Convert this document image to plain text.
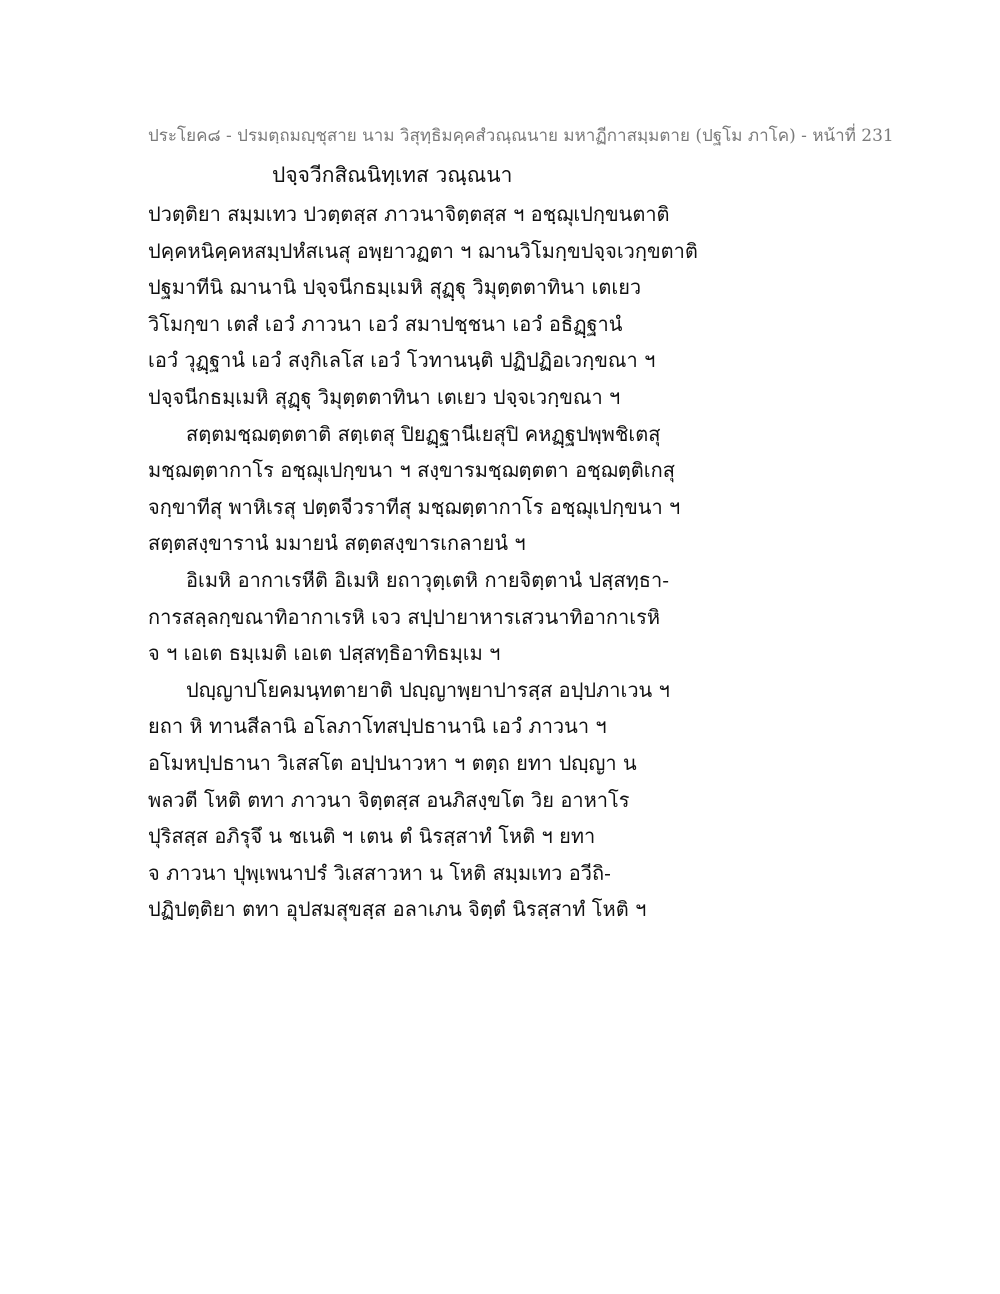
ประโยค๘ - ปรมตฺถมญฺชุสาย นาม วิสุทฺธิมคฺคสํวณฺณนาย มหาฏีกาสมฺมตาย (ปฐโม ภาโค) - หน้าที่ 231
ปจฺจวีกสิณนิทฺเทส วณฺณนา
ปวตฺติยา สมฺมเทว ปวตฺตสฺส ภาวนาจิตฺตสฺส ฯ อชฺฌุเปกฺขนตาติ
ปคฺคหนิคฺคหสมฺปหํสเนสุ อพฺยาวฏตา ฯ ฌานวิโมกฺขปจฺจเวกฺขตาติ
ปฐมาทีนิ ฌานานิ ปจฺจนีกธมฺเมหิ สุฏฺฐุ วิมุตฺตตาทินา เตเยว
วิโมกฺขา เตสํ เอวํ ภาวนา เอวํ สมาปชฺชนา เอวํ อธิฏฺฐานํ
เอวํ วุฏฺฐานํ เอวํ สงฺกิเลโส เอวํ โวทานนฺติ ปฏิปฏิอเวกฺขณา ฯ
ปจฺจนีกธมฺเมหิ สุฏฺฐุ วิมุตฺตตาทินา เตเยว ปจฺจเวกฺขณา ฯ
สตฺตมชฺฌตฺตตาติ สตฺเตสุ ปิยฏฺฐานีเยสุปิ คหฏฺฐปพฺพชิเตสุ
มชฺฌตฺตากาโร อชฺฌุเปกฺขนา ฯ สงฺขารมชฺฌตฺตตา อชฺฌตฺติเกสุ
จกฺขาทีสุ พาหิเรสุ ปตฺตจีวราทีสุ มชฺฌตฺตากาโร อชฺฌุเปกฺขนา ฯ
สตฺตสงฺขารานํ มมายนํ สตฺตสงฺขารเกลายนํ ฯ
อิเมหิ อากาเรหีติ อิเมหิ ยถาวุตฺเตหิ กายจิตฺตานํ ปสฺสทฺธา-
การสลฺลกฺขณาทิอากาเรหิ เจว สปฺปายาหารเสวนาทิอากาเรหิ
จ ฯ เอเต ธมฺเมติ เอเต ปสฺสทฺธิอาทิธมฺเม ฯ
ปญฺญาปโยคมนฺทตายาติ ปญฺญาพฺยาปารสฺส อปฺปภาเวน ฯ
ยถา หิ ทานสีลานิ อโลภาโทสปฺปธานานิ เอวํ ภาวนา ฯ
อโมหปฺปธานา วิเสสโต อปฺปนาวหา ฯ ตตฺถ ยทา ปญฺญา น
พลวตี โหติ ตทา ภาวนา จิตฺตสฺส อนภิสงฺขโต วิย อาหาโร
ปุริสสฺส อภิรุจึ น ชเนติ ฯ เตน ตํ นิรสฺสาทํ โหติ ฯ ยทา
จ ภาวนา ปุพฺเพนาปรํ วิเสสาวหา น โหติ สมฺมเทว อวีถิ-
ปฏิปตฺติยา ตทา อุปสมสุขสฺส อลาเภน จิตฺตํ นิรสฺสาทํ โหติ ฯ
